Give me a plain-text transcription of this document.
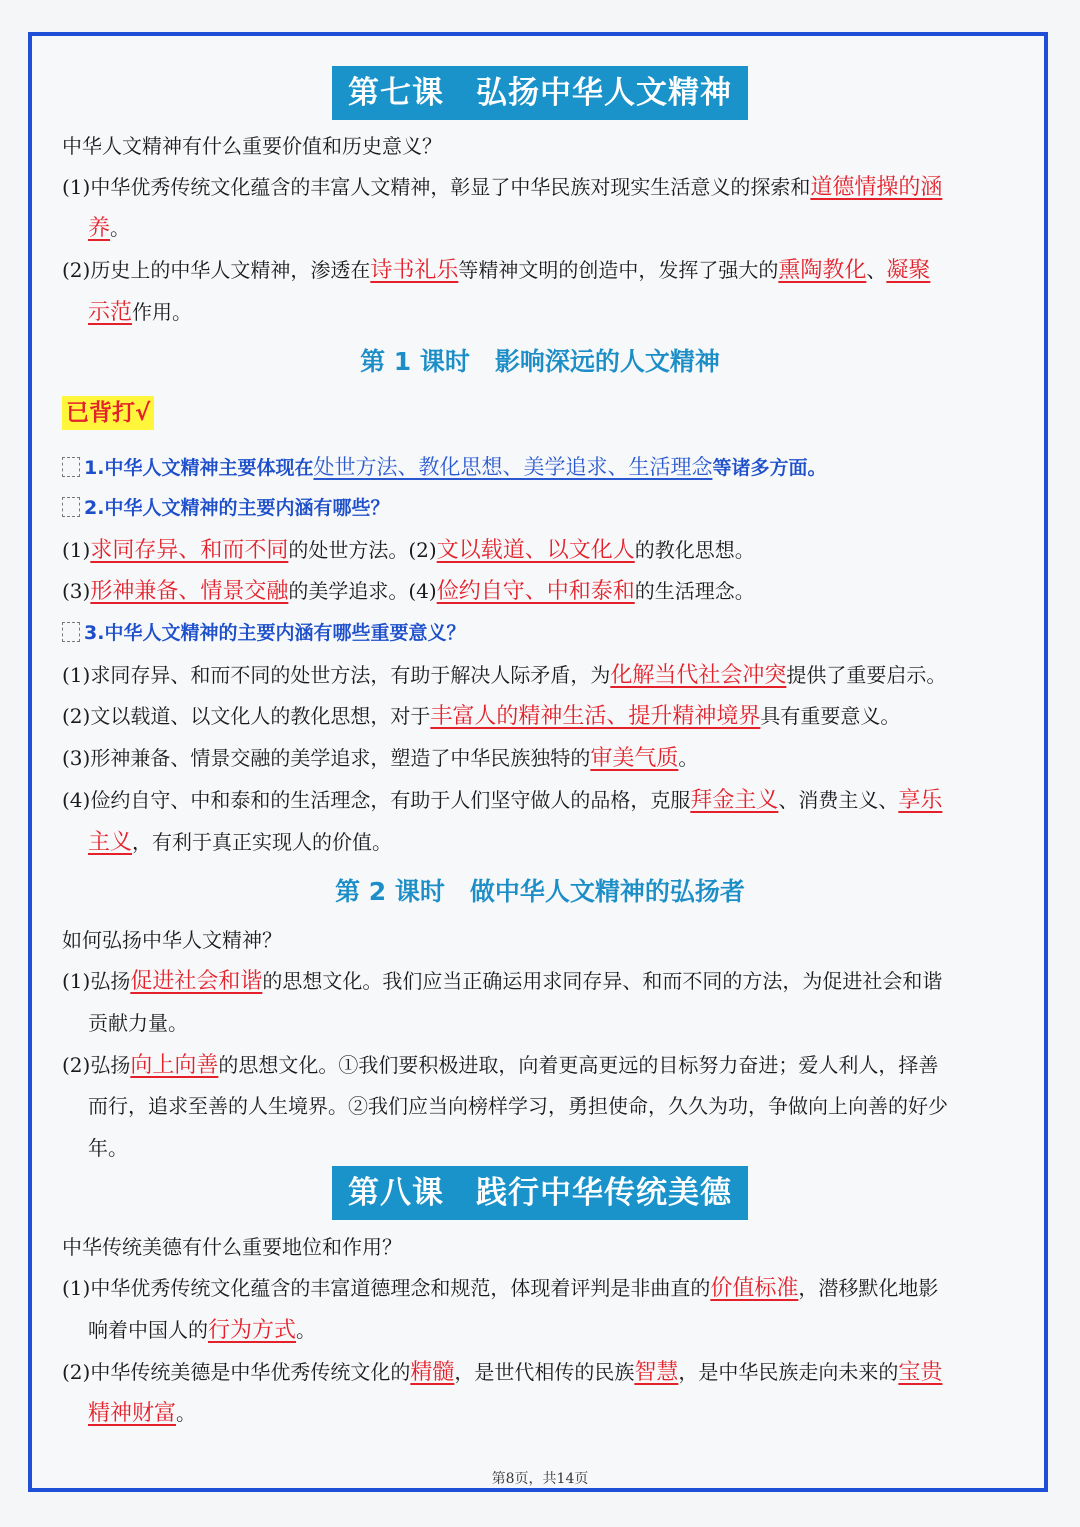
第七课　弘扬中华人文精神
中华人文精神有什么重要价值和历史意义？
(1)中华优秀传统文化蕴含的丰富人文精神，彰显了中华民族对现实生活意义的探索和道德情操的涵
养。
(2)历史上的中华人文精神，渗透在诗书礼乐等精神文明的创造中，发挥了强大的熏陶教化、凝聚
示范作用。
第 1 课时　影响深远的人文精神
已背打√
1.中华人文精神主要体现在处世方法、教化思想、美学追求、生活理念等诸多方面。
2.中华人文精神的主要内涵有哪些？
(1)求同存异、和而不同的处世方法。(2)文以载道、以文化人的教化思想。
(3)形神兼备、情景交融的美学追求。(4)俭约自守、中和泰和的生活理念。
3.中华人文精神的主要内涵有哪些重要意义？
(1)求同存异、和而不同的处世方法，有助于解决人际矛盾，为化解当代社会冲突提供了重要启示。
(2)文以载道、以文化人的教化思想，对于丰富人的精神生活、提升精神境界具有重要意义。
(3)形神兼备、情景交融的美学追求，塑造了中华民族独特的审美气质。
(4)俭约自守、中和泰和的生活理念，有助于人们坚守做人的品格，克服拜金主义、消费主义、享乐
主义，有利于真正实现人的价值。
第 2 课时　做中华人文精神的弘扬者
如何弘扬中华人文精神？
(1)弘扬促进社会和谐的思想文化。我们应当正确运用求同存异、和而不同的方法，为促进社会和谐
贡献力量。
(2)弘扬向上向善的思想文化。①我们要积极进取，向着更高更远的目标努力奋进；爱人利人，择善
而行，追求至善的人生境界。②我们应当向榜样学习，勇担使命，久久为功，争做向上向善的好少
年。
第八课　践行中华传统美德
中华传统美德有什么重要地位和作用？
(1)中华优秀传统文化蕴含的丰富道德理念和规范，体现着评判是非曲直的价值标准，潜移默化地影
响着中国人的行为方式。
(2)中华传统美德是中华优秀传统文化的精髓，是世代相传的民族智慧，是中华民族走向未来的宝贵
精神财富。
第8页，共14页
